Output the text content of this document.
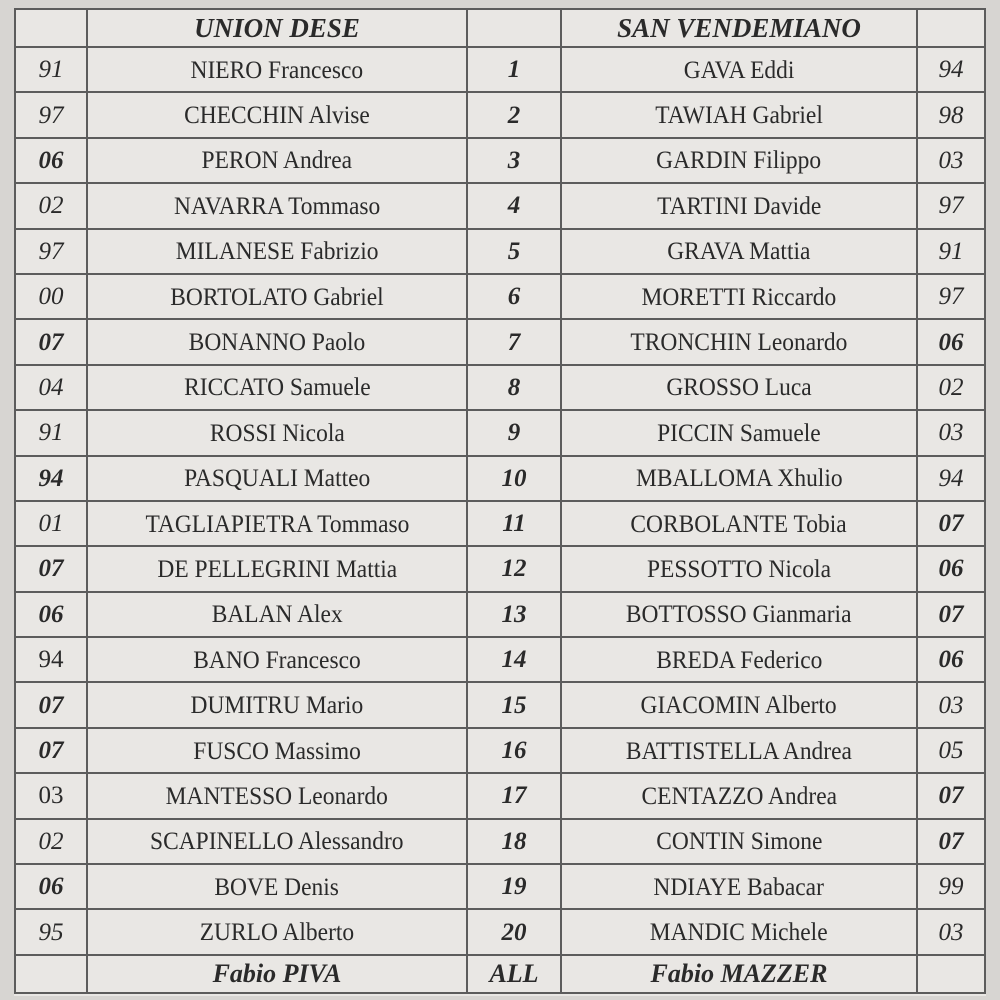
	UNION DESE		SAN VENDEMIANO	
91	NIERO Francesco	1	GAVA Eddi	94
97	CHECCHIN Alvise	2	TAWIAH Gabriel	98
06	PERON Andrea	3	GARDIN Filippo	03
02	NAVARRA Tommaso	4	TARTINI Davide	97
97	MILANESE Fabrizio	5	GRAVA Mattia	91
00	BORTOLATO Gabriel	6	MORETTI Riccardo	97
07	BONANNO Paolo	7	TRONCHIN Leonardo	06
04	RICCATO Samuele	8	GROSSO Luca	02
91	ROSSI Nicola	9	PICCIN Samuele	03
94	PASQUALI Matteo	10	MBALLOMA Xhulio	94
01	TAGLIAPIETRA Tommaso	11	CORBOLANTE Tobia	07
07	DE PELLEGRINI Mattia	12	PESSOTTO Nicola	06
06	BALAN Alex	13	BOTTOSSO Gianmaria	07
94	BANO Francesco	14	BREDA Federico	06
07	DUMITRU Mario	15	GIACOMIN Alberto	03
07	FUSCO Massimo	16	BATTISTELLA Andrea	05
03	MANTESSO Leonardo	17	CENTAZZO Andrea	07
02	SCAPINELLO Alessandro	18	CONTIN Simone	07
06	BOVE Denis	19	NDIAYE Babacar	99
95	ZURLO Alberto	20	MANDIC Michele	03
	Fabio PIVA	ALL	Fabio MAZZER	
